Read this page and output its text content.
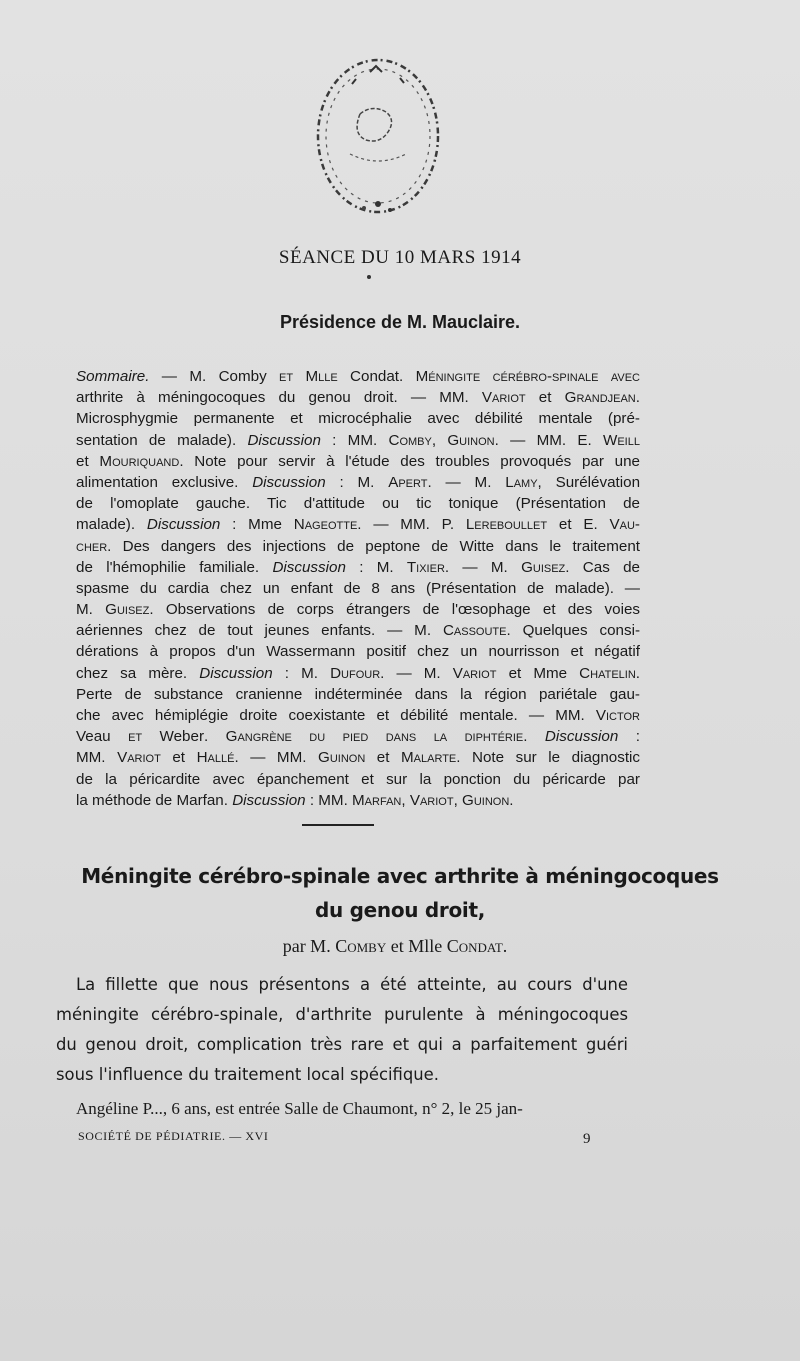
SÉANCE DU 10 MARS 1914
Présidence de M. Mauclaire.
Sommaire. — M. Comby et Mlle Condat. Méningite cérébro-spinale avec
arthrite à méningocoques du genou droit. — MM. Variot et Grandjean.
Microsphygmie permanente et microcéphalie avec débilité mentale (pré-
sentation de malade). Discussion : MM. Comby, Guinon. — MM. E. Weill
et Mouriquand. Note pour servir à l'étude des troubles provoqués par une
alimentation exclusive. Discussion : M. Apert. — M. Lamy, Surélévation
de l'omoplate gauche. Tic d'attitude ou tic tonique (Présentation de
malade). Discussion : Mme Nageotte. — MM. P. Lereboullet et E. Vau-
cher. Des dangers des injections de peptone de Witte dans le traitement
de l'hémophilie familiale. Discussion : M. Tixier. — M. Guisez. Cas de
spasme du cardia chez un enfant de 8 ans (Présentation de malade). —
M. Guisez. Observations de corps étrangers de l'œsophage et des voies
aériennes chez de tout jeunes enfants. — M. Cassoute. Quelques consi-
dérations à propos d'un Wassermann positif chez un nourrisson et négatif
chez sa mère. Discussion : M. Dufour. — M. Variot et Mme Chatelin.
Perte de substance cranienne indéterminée dans la région pariétale gau-
che avec hémiplégie droite coexistante et débilité mentale. — MM. Victor
Veau et Weber. Gangrène du pied dans la diphtérie. Discussion :
MM. Variot et Hallé. — MM. Guinon et Malarte. Note sur le diagnostic
de la péricardite avec épanchement et sur la ponction du péricarde par
la méthode de Marfan. Discussion : MM. Marfan, Variot, Guinon.
Méningite cérébro-spinale avec arthrite à méningocoques
du genou droit,
par M. Comby et Mlle Condat.
La fillette que nous présentons a été atteinte, au cours d'une
méningite cérébro-spinale, d'arthrite purulente à méningocoques
du genou droit, complication très rare et qui a parfaitement guéri
sous l'influence du traitement local spécifique.
Angéline P..., 6 ans, est entrée Salle de Chaumont, n° 2, le 25 jan-
SOCIÉTÉ DE PÉDIATRIE. — XVI	9
